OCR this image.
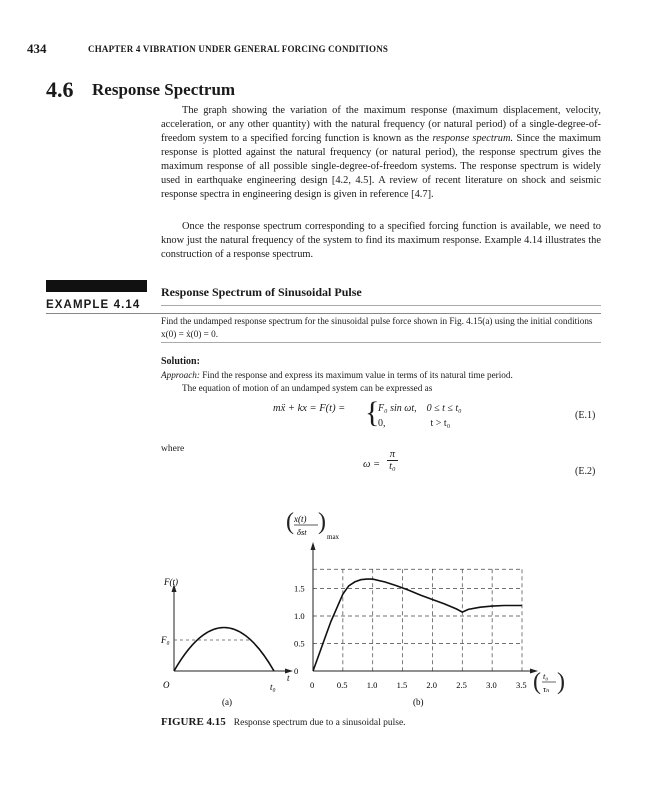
434	CHAPTER 4 VIBRATION UNDER GENERAL FORCING CONDITIONS
4.6 Response Spectrum
The graph showing the variation of the maximum response (maximum displacement, velocity, acceleration, or any other quantity) with the natural frequency (or natural period) of a single-degree-of-freedom system to a specified forcing function is known as the response spectrum. Since the maximum response is plotted against the natural frequency (or natural period), the response spectrum gives the maximum response of all possible single-degree-of-freedom systems. The response spectrum is widely used in earthquake engineering design [4.2, 4.5]. A review of recent literature on shock and seismic response spectra in engineering design is given in reference [4.7].
Once the response spectrum corresponding to a specified forcing function is available, we need to know just the natural frequency of the system to find its maximum response. Example 4.14 illustrates the construction of a response spectrum.
Response Spectrum of Sinusoidal Pulse
EXAMPLE 4.14
Find the undamped response spectrum for the sinusoidal pulse force shown in Fig. 4.15(a) using the initial conditions x(0) = ẋ(0) = 0.
Solution:
Approach: Find the response and express its maximum value in terms of its natural time period.
The equation of motion of an undamped system can be expressed as
mẍ + kx = F(t) = {
F₀ sin ωt,    0 ≤ t ≤ t₀
0,                  t > t₀
(E.1)
where
$\omega = \frac{\pi}{\text{t₀}}$	(E.2)
F(t)
F₀
O	t₀
t
(a)
0	0.5 1.0 1.5 2.0 2.5 3.0 3.5
0
0.5
1.0
1.5
( x(t)
δst )
max
( t₀
τₙ )
(b)
FIGURE 4.15 Response spectrum due to a sinusoidal pulse.
